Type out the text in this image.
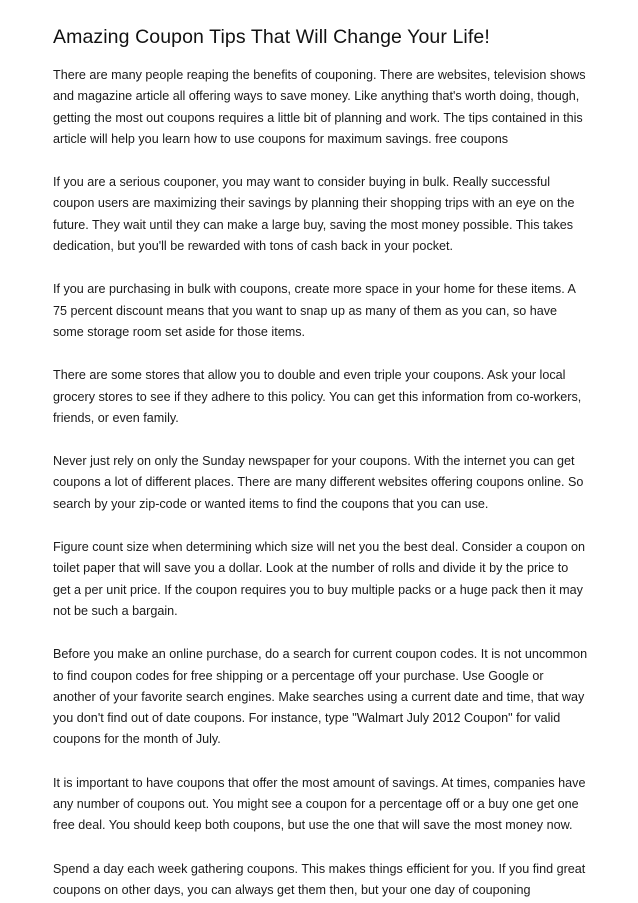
Amazing Coupon Tips That Will Change Your Life!

There are many people reaping the benefits of couponing. There are websites, television shows and magazine article all offering ways to save money. Like anything that's worth doing, though, getting the most out coupons requires a little bit of planning and work. The tips contained in this article will help you learn how to use coupons for maximum savings. free coupons

If you are a serious couponer, you may want to consider buying in bulk. Really successful coupon users are maximizing their savings by planning their shopping trips with an eye on the future. They wait until they can make a large buy, saving the most money possible. This takes dedication, but you'll be rewarded with tons of cash back in your pocket.

If you are purchasing in bulk with coupons, create more space in your home for these items. A 75 percent discount means that you want to snap up as many of them as you can, so have some storage room set aside for those items.

There are some stores that allow you to double and even triple your coupons. Ask your local grocery stores to see if they adhere to this policy. You can get this information from co-workers, friends, or even family.

Never just rely on only the Sunday newspaper for your coupons. With the internet you can get coupons a lot of different places. There are many different websites offering coupons online. So search by your zip-code or wanted items to find the coupons that you can use.

Figure count size when determining which size will net you the best deal. Consider a coupon on toilet paper that will save you a dollar. Look at the number of rolls and divide it by the price to get a per unit price. If the coupon requires you to buy multiple packs or a huge pack then it may not be such a bargain.

Before you make an online purchase, do a search for current coupon codes. It is not uncommon to find coupon codes for free shipping or a percentage off your purchase. Use Google or another of your favorite search engines. Make searches using a current date and time, that way you don't find out of date coupons. For instance, type "Walmart July 2012 Coupon" for valid coupons for the month of July.

It is important to have coupons that offer the most amount of savings. At times, companies have any number of coupons out. You might see a coupon for a percentage off or a buy one get one free deal. You should keep both coupons, but use the one that will save the most money now.

Spend a day each week gathering coupons. This makes things efficient for you. If you find great coupons on other days, you can always get them then, but your one day of couponing
